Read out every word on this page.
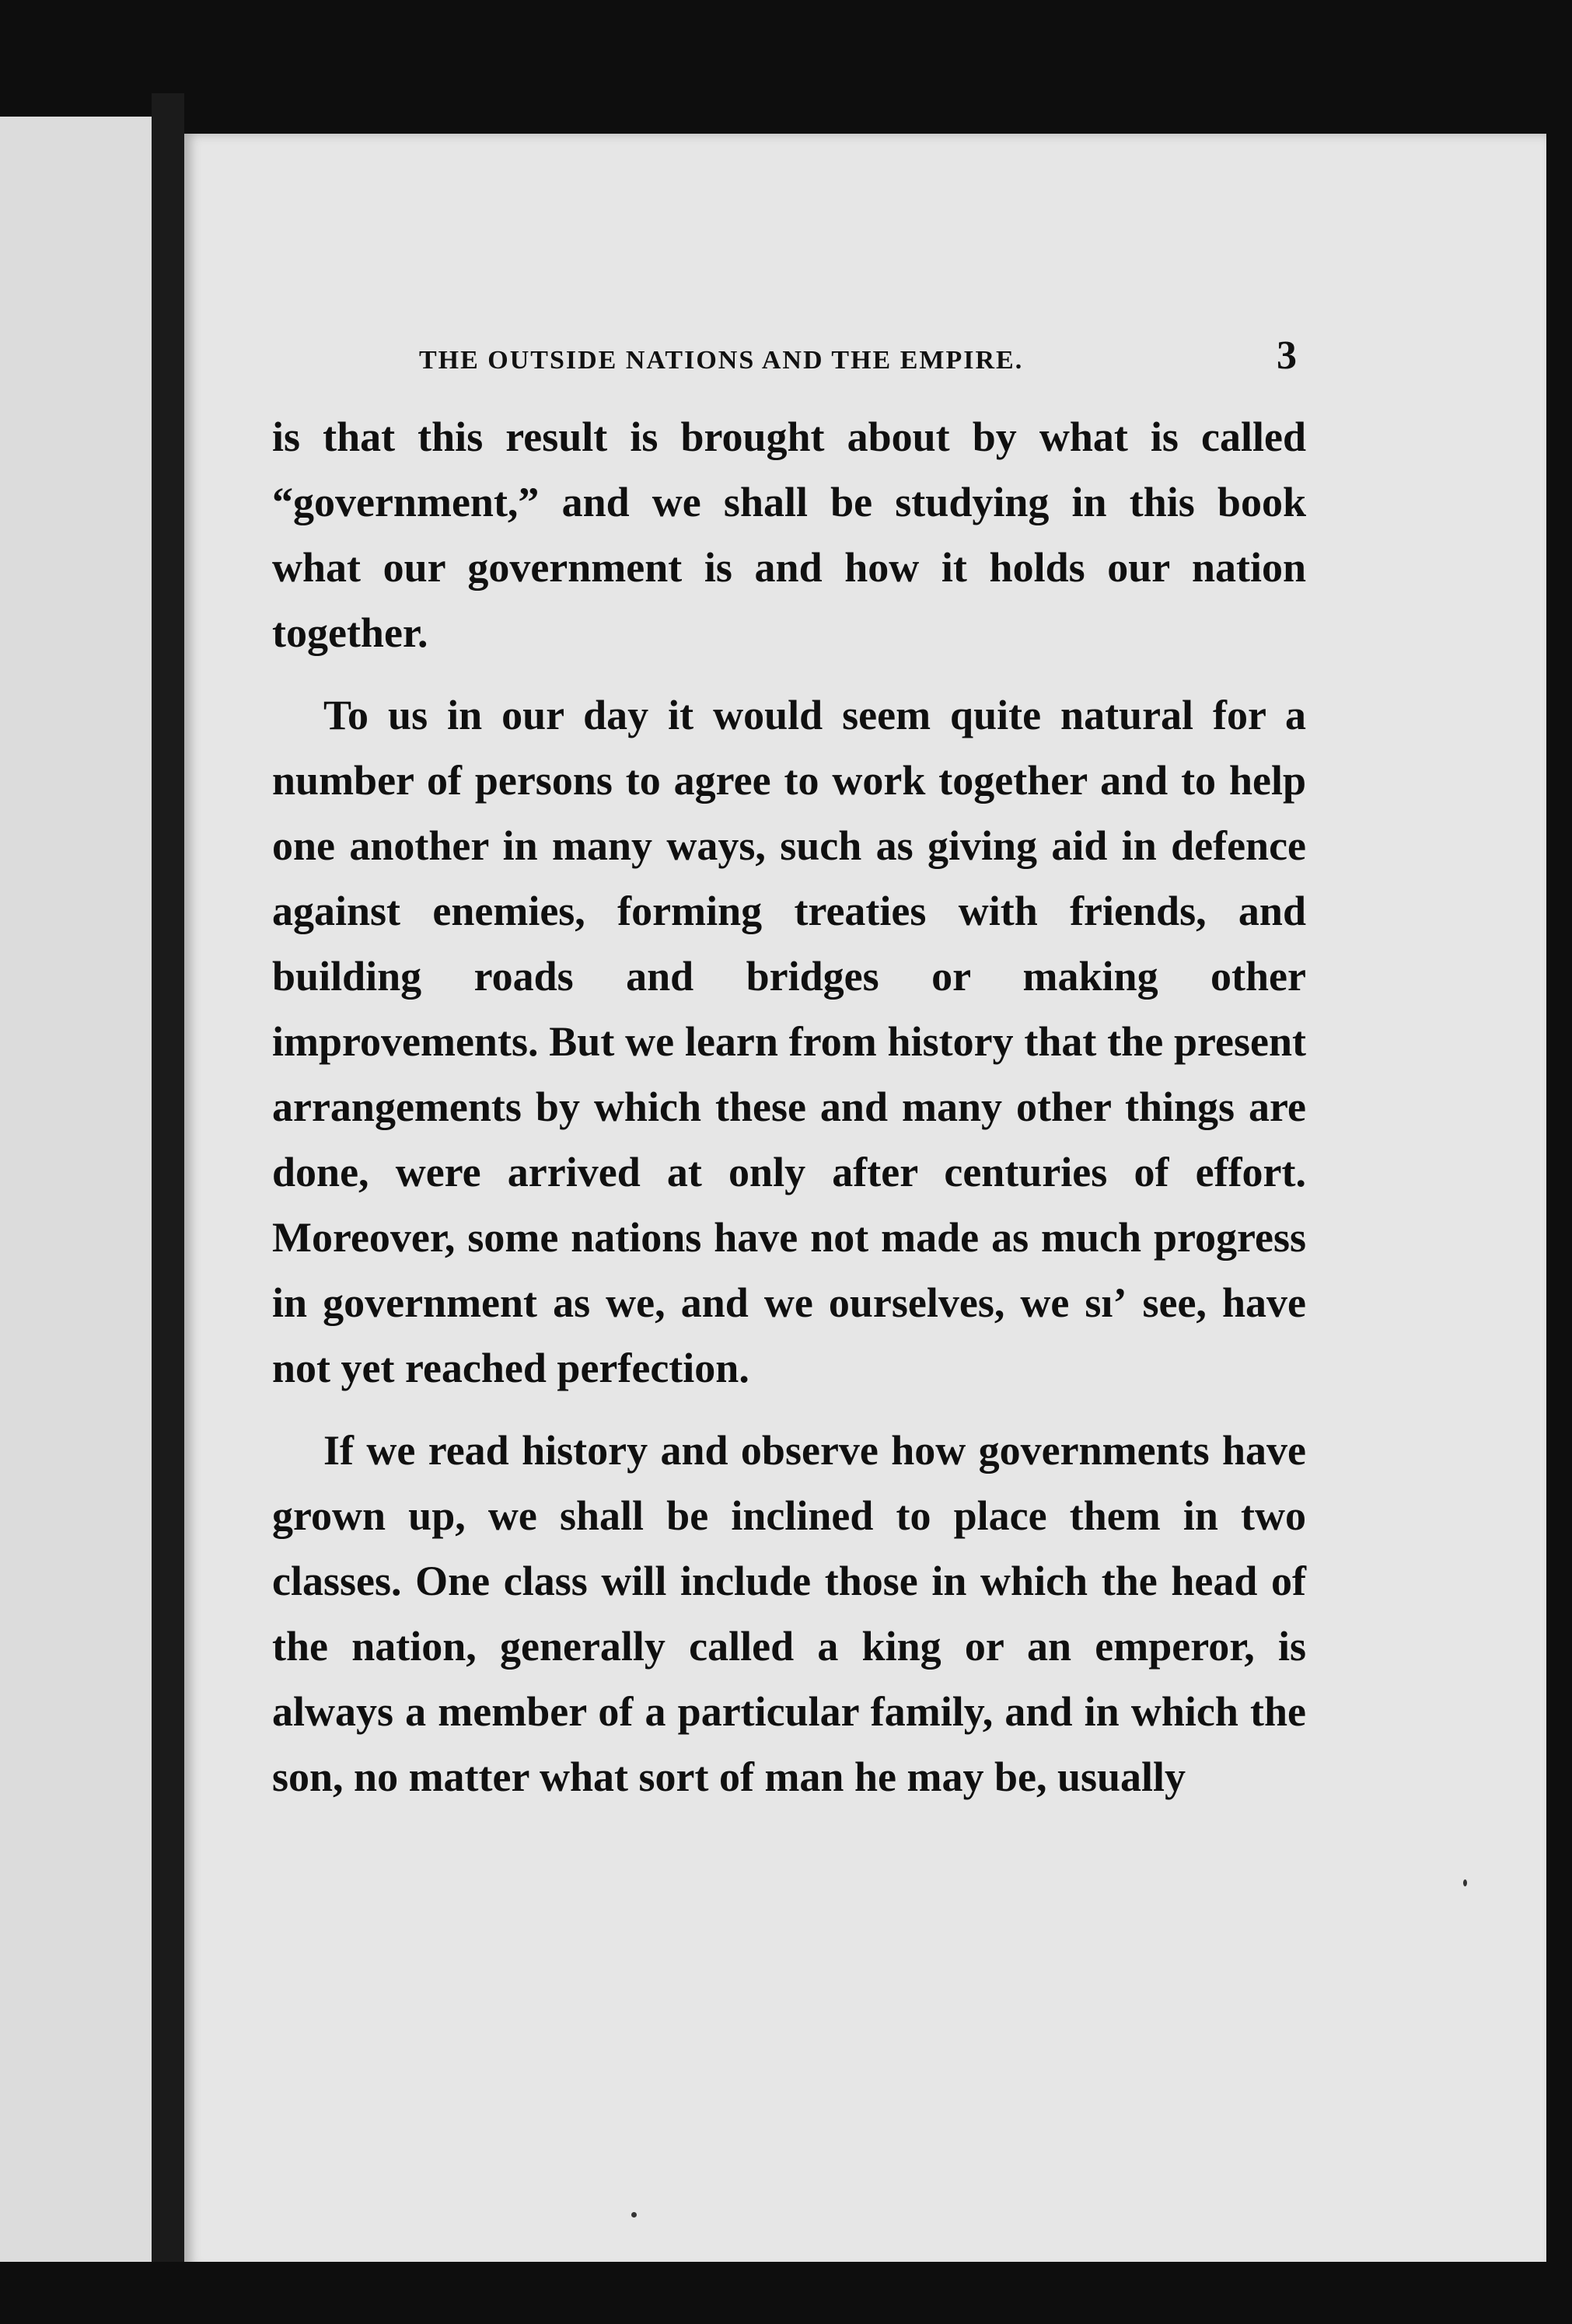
THE OUTSIDE NATIONS AND THE EMPIRE.	3

is that this result is brought about by what is called “government,” and we shall be studying in this book what our government is and how it holds our nation together.

To us in our day it would seem quite natural for a number of persons to agree to work together and to help one another in many ways, such as giving aid in defence against enemies, forming treaties with friends, and building roads and bridges or making other improvements. But we learn from history that the present arrangements by which these and many other things are done, were arrived at only after centuries of effort. Moreover, some nations have not made as much progress in government as we, and we ourselves, we sıʼ see, have not yet reached perfection.

If we read history and observe how governments have grown up, we shall be inclined to place them in two classes. One class will include those in which the head of the nation, generally called a king or an emperor, is always a member of a particular family, and in which the son, no matter what sort of man he may be, usually
